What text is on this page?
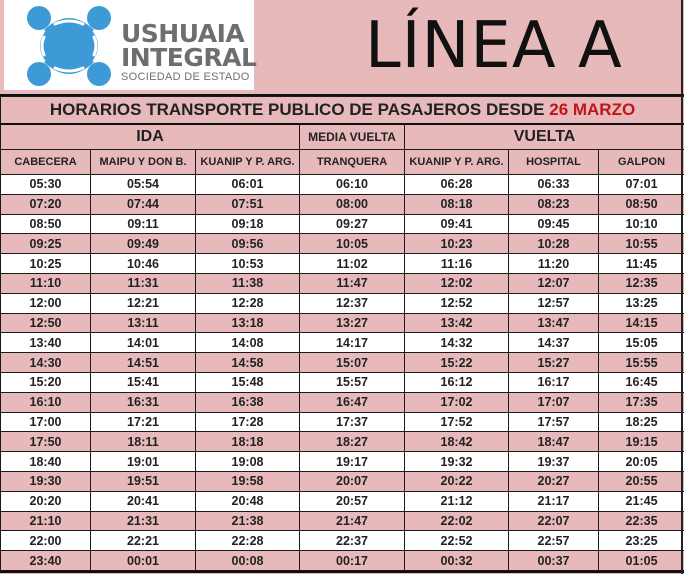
USHUAIA
INTEGRAL
SOCIEDAD DE ESTADO LÍNEA A
HORARIOS TRANSPORTE PUBLICO DE PASAJEROS DESDE 26 MARZO						
IDA			MEDIA VUELTA	VUELTA		
CABECERA	MAIPU Y DON B.	KUANIP Y P. ARG.	TRANQUERA	KUANIP Y P. ARG.	HOSPITAL	GALPON
05:30	05:54	06:01	06:10	06:28	06:33	07:01
07:20	07:44	07:51	08:00	08:18	08:23	08:50
08:50	09:11	09:18	09:27	09:41	09:45	10:10
09:25	09:49	09:56	10:05	10:23	10:28	10:55
10:25	10:46	10:53	11:02	11:16	11:20	11:45
11:10	11:31	11:38	11:47	12:02	12:07	12:35
12:00	12:21	12:28	12:37	12:52	12:57	13:25
12:50	13:11	13:18	13:27	13:42	13:47	14:15
13:40	14:01	14:08	14:17	14:32	14:37	15:05
14:30	14:51	14:58	15:07	15:22	15:27	15:55
15:20	15:41	15:48	15:57	16:12	16:17	16:45
16:10	16:31	16:38	16:47	17:02	17:07	17:35
17:00	17:21	17:28	17:37	17:52	17:57	18:25
17:50	18:11	18:18	18:27	18:42	18:47	19:15
18:40	19:01	19:08	19:17	19:32	19:37	20:05
19:30	19:51	19:58	20:07	20:22	20:27	20:55
20:20	20:41	20:48	20:57	21:12	21:17	21:45
21:10	21:31	21:38	21:47	22:02	22:07	22:35
22:00	22:21	22:28	22:37	22:52	22:57	23:25
23:40	00:01	00:08	00:17	00:32	00:37	01:05
